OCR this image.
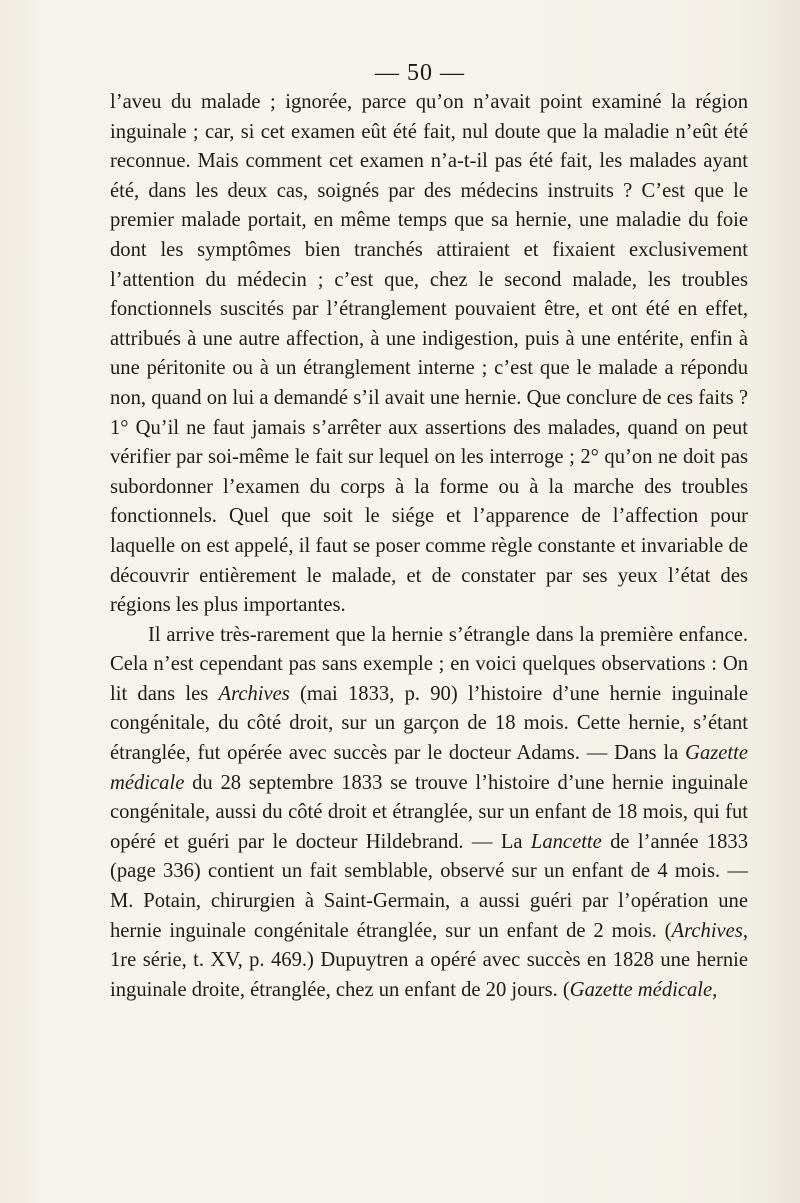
— 50 —

l’aveu du malade ; ignorée, parce qu’on n’avait point examiné la région inguinale ; car, si cet examen eût été fait, nul doute que la maladie n’eût été reconnue. Mais comment cet examen n’a-t-il pas été fait, les malades ayant été, dans les deux cas, soignés par des médecins instruits ? C’est que le premier malade portait, en même temps que sa hernie, une maladie du foie dont les symptômes bien tranchés attiraient et fixaient exclusivement l’attention du médecin ; c’est que, chez le second malade, les troubles fonctionnels suscités par l’étranglement pouvaient être, et ont été en effet, attribués à une autre affection, à une indigestion, puis à une entérite, enfin à une péritonite ou à un étranglement interne ; c’est que le malade a répondu non, quand on lui a demandé s’il avait une hernie. Que conclure de ces faits ? 1° Qu’il ne faut jamais s’arrêter aux assertions des malades, quand on peut vérifier par soi-même le fait sur lequel on les interroge ; 2° qu’on ne doit pas subordonner l’examen du corps à la forme ou à la marche des troubles fonctionnels. Quel que soit le siége et l’apparence de l’affection pour laquelle on est appelé, il faut se poser comme règle constante et invariable de découvrir entièrement le malade, et de constater par ses yeux l’état des régions les plus importantes.

Il arrive très-rarement que la hernie s’étrangle dans la première enfance. Cela n’est cependant pas sans exemple ; en voici quelques observations : On lit dans les Archives (mai 1833, p. 90) l’histoire d’une hernie inguinale congénitale, du côté droit, sur un garçon de 18 mois. Cette hernie, s’étant étranglée, fut opérée avec succès par le docteur Adams. — Dans la Gazette médicale du 28 septembre 1833 se trouve l’histoire d’une hernie inguinale congénitale, aussi du côté droit et étranglée, sur un enfant de 18 mois, qui fut opéré et guéri par le docteur Hildebrand. — La Lancette de l’année 1833 (page 336) contient un fait semblable, observé sur un enfant de 4 mois. — M. Potain, chirurgien à Saint-Germain, a aussi guéri par l’opération une hernie inguinale congénitale étranglée, sur un enfant de 2 mois. (Archives, 1re série, t. XV, p. 469.) Dupuytren a opéré avec succès en 1828 une hernie inguinale droite, étranglée, chez un enfant de 20 jours. (Gazette médicale,
